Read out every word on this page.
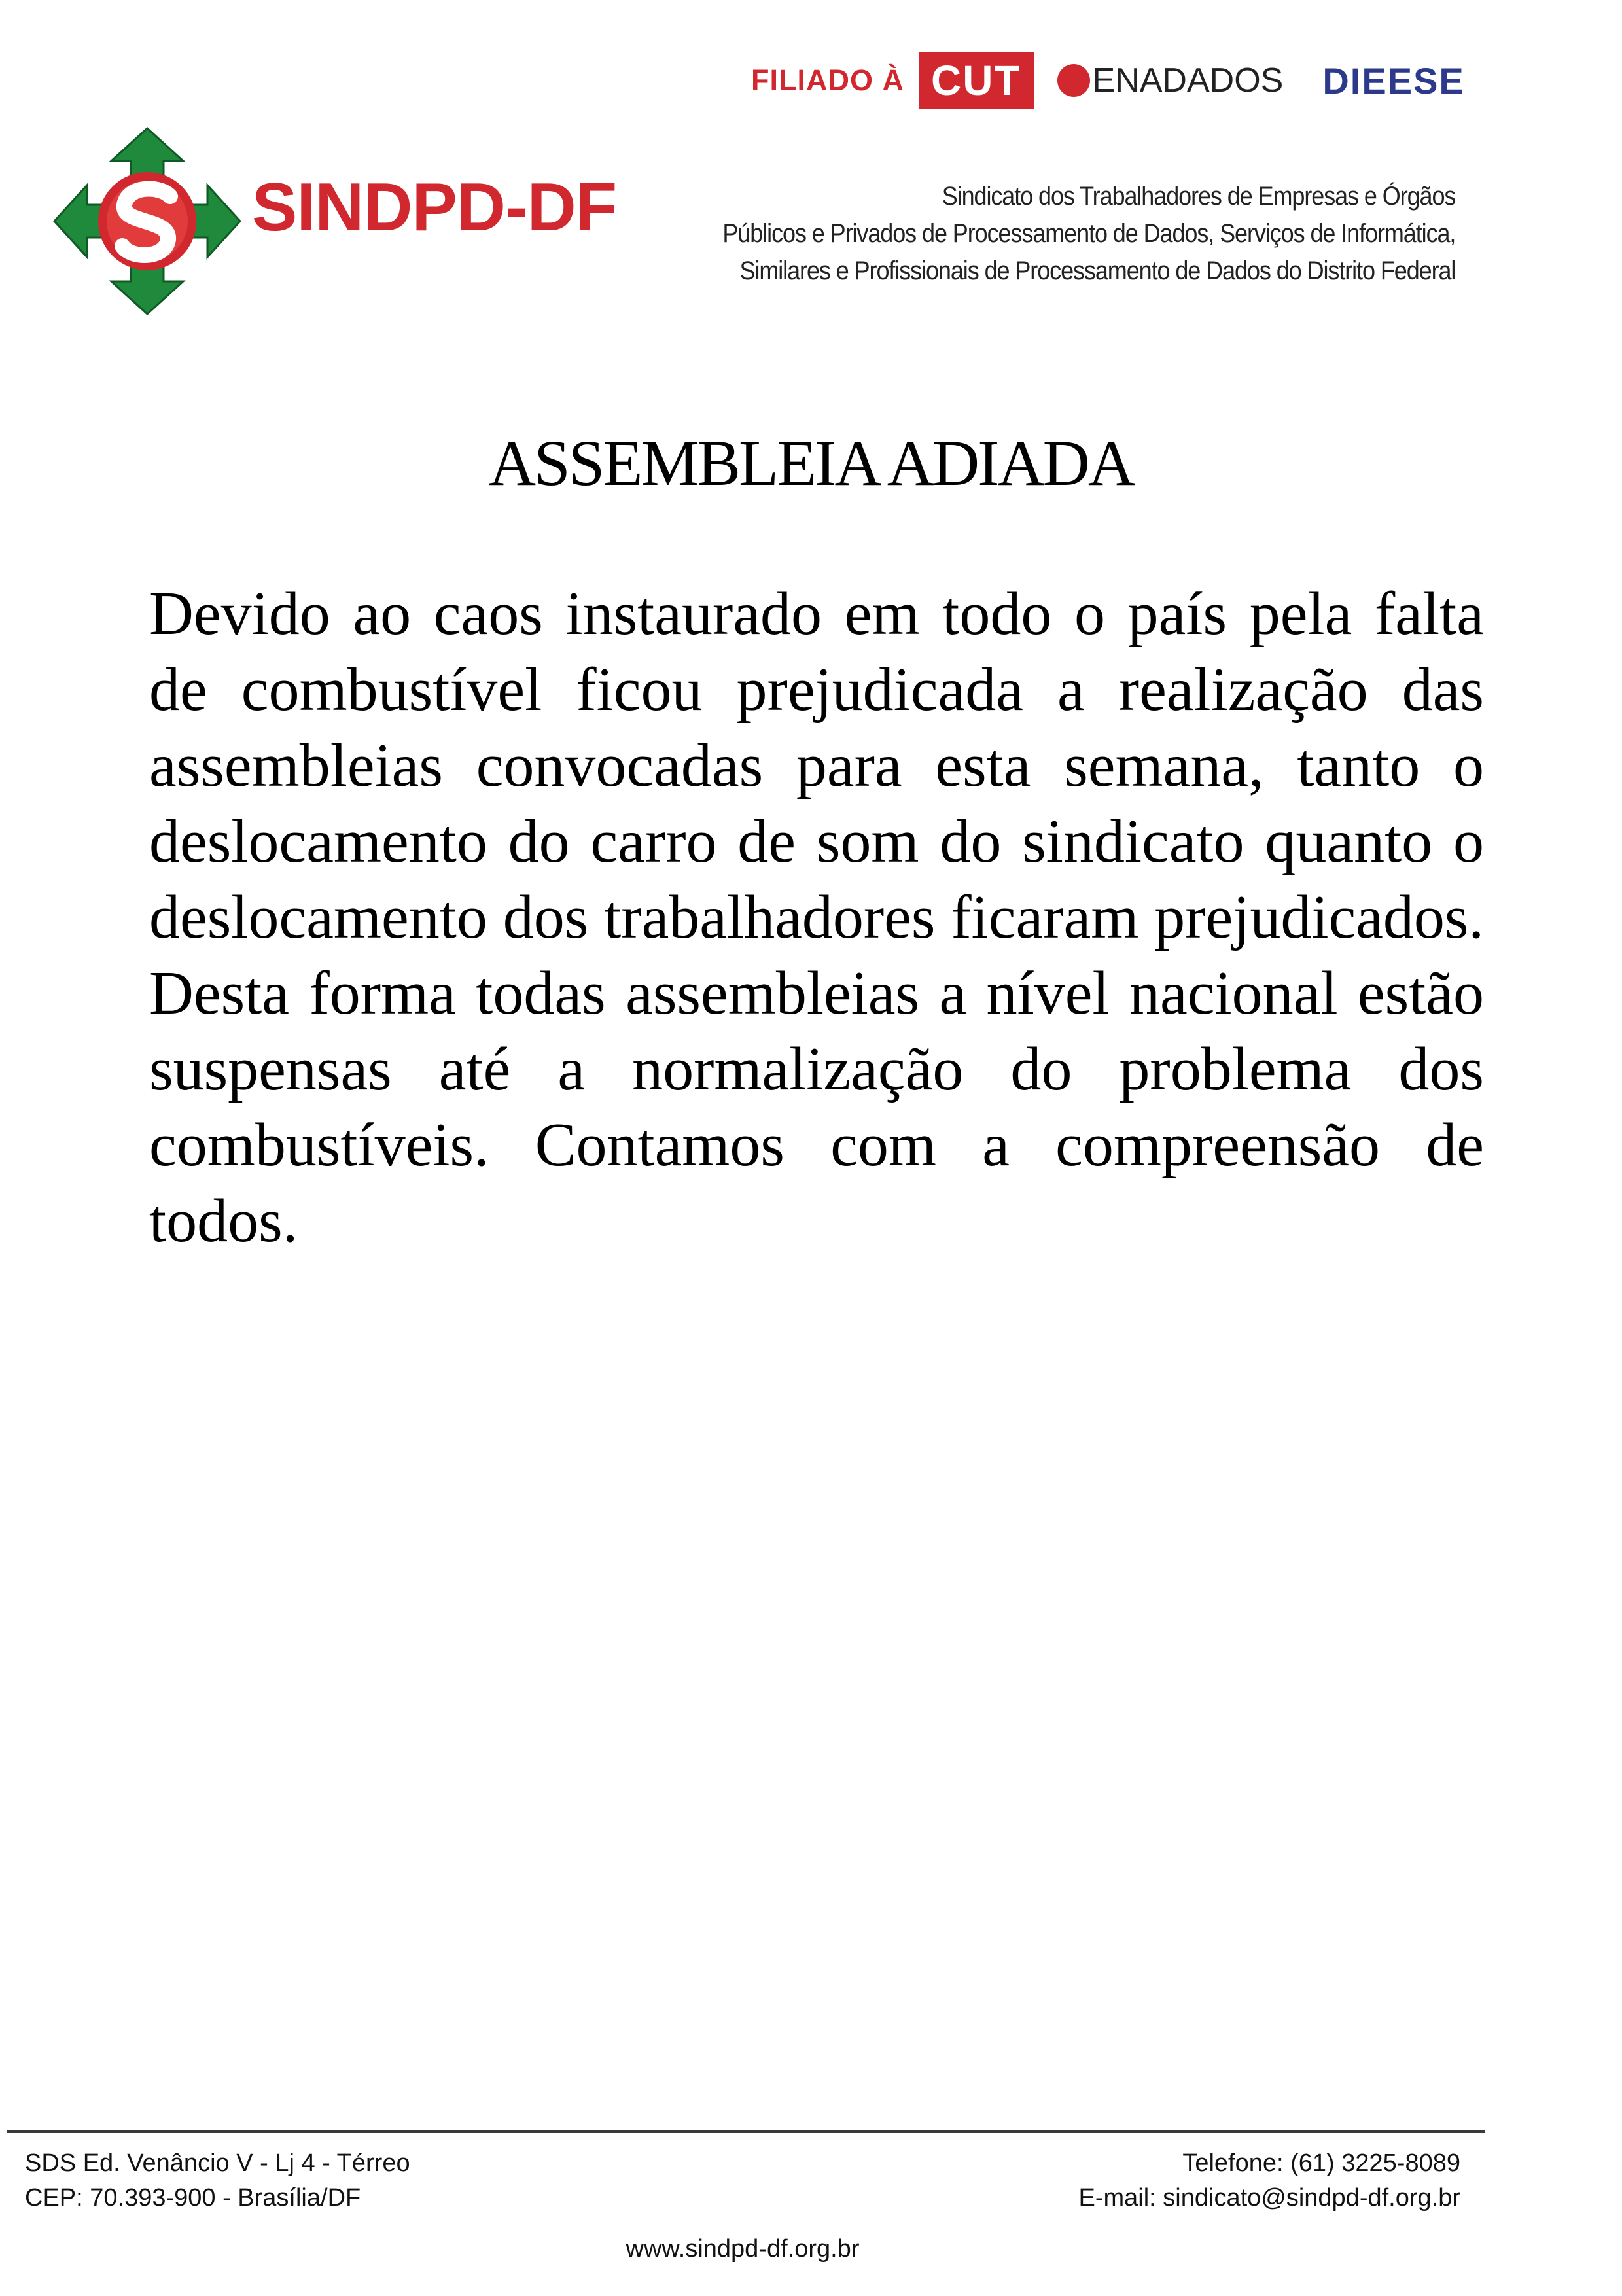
SINDPD-DF
FILIADO À CUT	ENADADOS DIEESE
Sindicato dos Trabalhadores de Empresas e Órgãos
Públicos e Privados de Processamento de Dados, Serviços de Informática,
Similares e Profissionais de Processamento de Dados do Distrito Federal
ASSEMBLEIA ADIADA
Devido ao caos instaurado em todo o país pela falta de combustível ficou prejudicada a realização das assembleias convocadas para esta semana, tanto o deslocamento do carro de som do sindicato quanto o deslocamento dos trabalhadores ficaram prejudicados. Desta forma todas assembleias a nível nacional estão suspensas até a normalização do problema dos combustíveis. Contamos com a compreensão de todos.
SDS Ed. Venâncio V - Lj 4 - Térreo
CEP: 70.393-900 - Brasília/DF
Telefone: (61) 3225-8089
E-mail: sindicato@sindpd-df.org.br
www.sindpd-df.org.br
